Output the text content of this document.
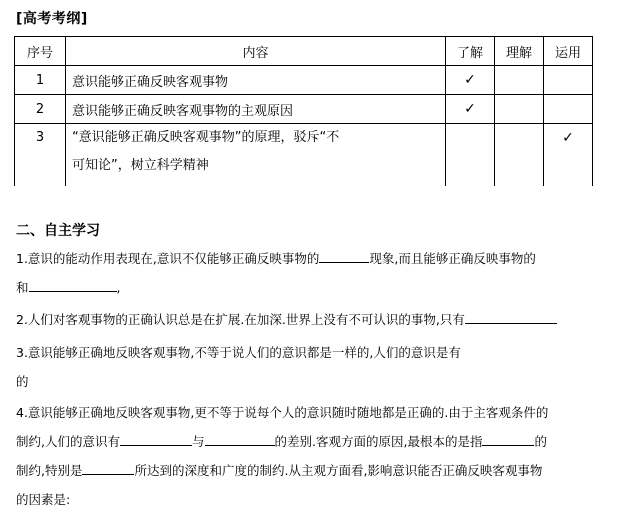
[高考考纲]
序号	内容	了解	理解	运用
1	意识能够正确反映客观事物	✓		
2	意识能够正确反映客观事物的主观原因	✓		
3	“意识能够正确反映客观事物”的原理，驳斥“不
可知论”，树立科学精神			✓
二、自主学习
1.意识的能动作用表现在,意识不仅能够正确反映事物的	现象,而且能够正确反映事物的
和	,
2.人们对客观事物的正确认识总是在扩展.在加深.世界上没有不可认识的事物,只有
3.意识能够正确地反映客观事物,不等于说人们的意识都是一样的,人们的意识是有
的
4.意识能够正确地反映客观事物,更不等于说每个人的意识随时随地都是正确的.由于主客观条件的
制约,人们的意识有	与	的差别.客观方面的原因,最根本的是指	的
制约,特别是	所达到的深度和广度的制约.从主观方面看,影响意识能否正确反映客观事物
的因素是:
